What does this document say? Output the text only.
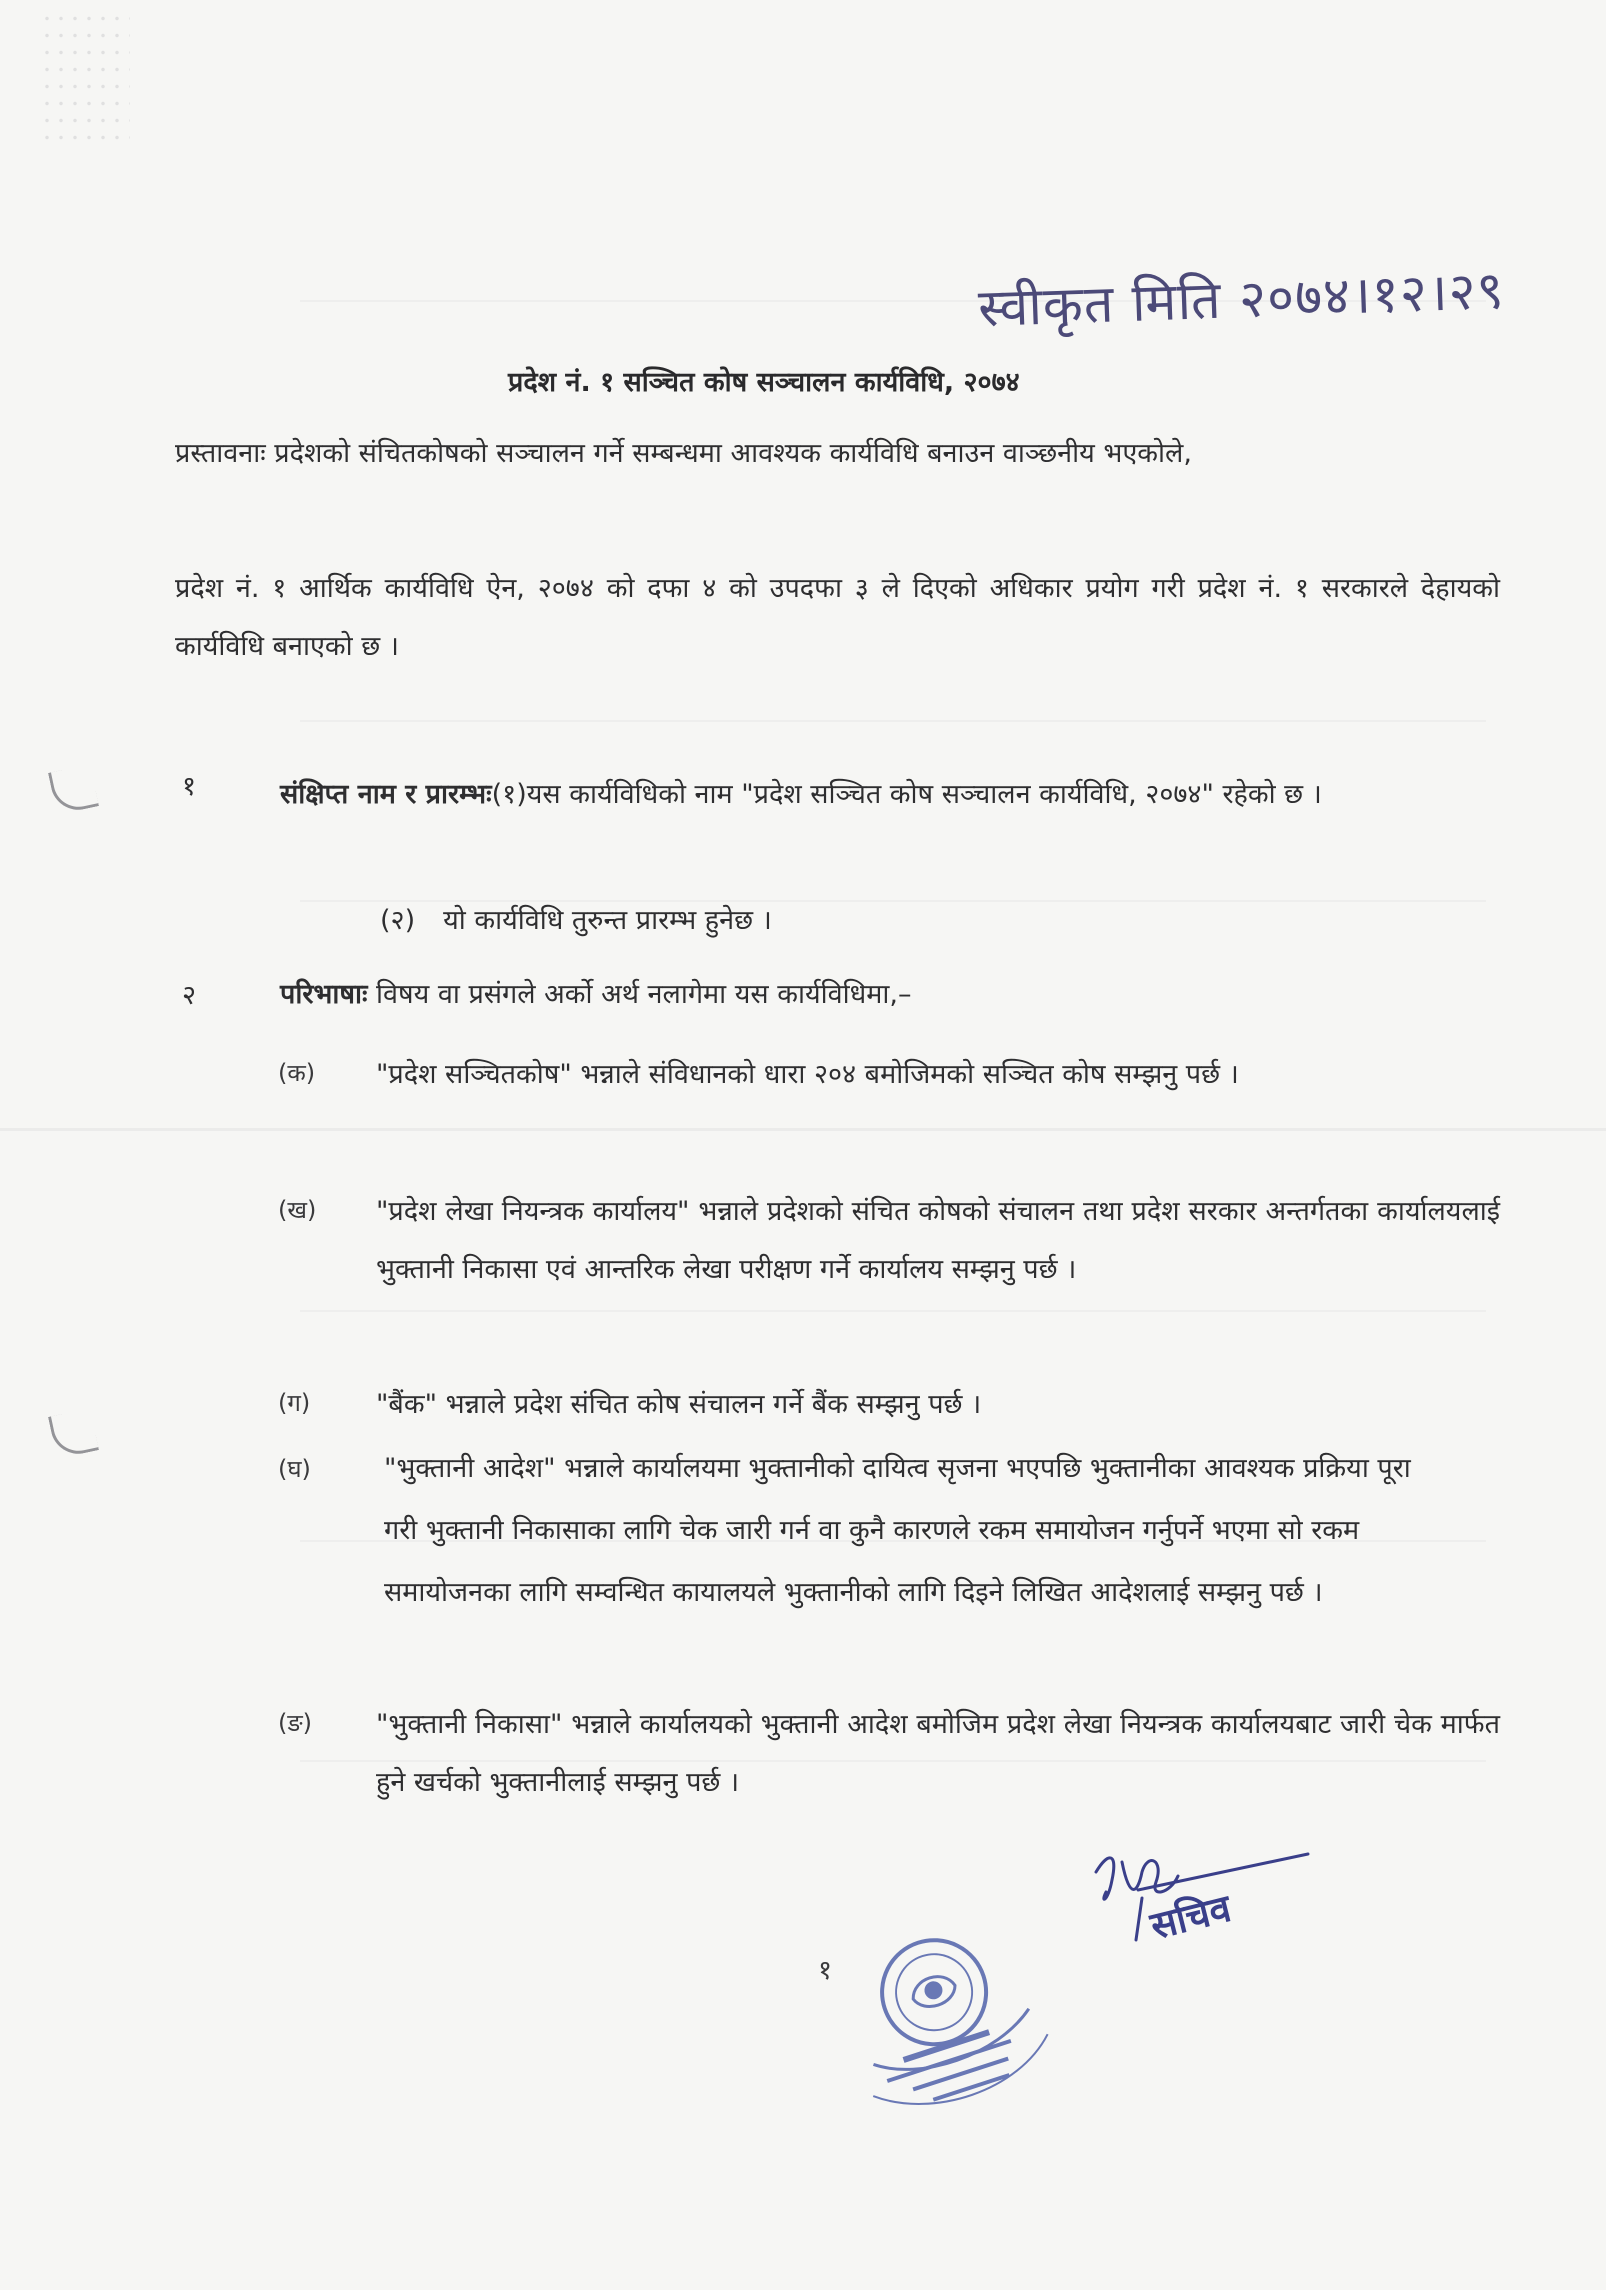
स्वीकृत मिति २०७४।१२।२९
प्रदेश नं. १ सञ्चित कोष सञ्चालन कार्यविधि, २०७४
प्रस्तावनाः प्रदेशको संचितकोषको सञ्चालन गर्ने सम्बन्धमा आवश्यक कार्यविधि बनाउन वाञ्छनीय भएकोले,
प्रदेश नं. १ आर्थिक कार्यविधि ऐन, २०७४ को दफा ४ को उपदफा ३ ले दिएको अधिकार प्रयोग गरी प्रदेश नं. १ सरकारले देहायको कार्यविधि बनाएको छ ।
१	संक्षिप्त नाम र प्रारम्भः(१)यस कार्यविधिको नाम "प्रदेश सञ्चित कोष सञ्चालन कार्यविधि, २०७४" रहेको छ ।
(२) यो कार्यविधि तुरुन्त प्रारम्भ हुनेछ ।
२	परिभाषाः विषय वा प्रसंगले अर्को अर्थ नलागेमा यस कार्यविधिमा,–
(क) "प्रदेश सञ्चितकोष" भन्नाले संविधानको धारा २०४ बमोजिमको सञ्चित कोष सम्झनु पर्छ ।
(ख) "प्रदेश लेखा नियन्त्रक कार्यालय" भन्नाले प्रदेशको संचित कोषको संचालन तथा प्रदेश सरकार अन्तर्गतका कार्यालयलाई भुक्तानी निकासा एवं आन्तरिक लेखा परीक्षण गर्ने कार्यालय सम्झनु पर्छ ।
(ग) "बैंक" भन्नाले प्रदेश संचित कोष संचालन गर्ने बैंक सम्झनु पर्छ ।
(घ)	"भुक्तानी आदेश" भन्नाले कार्यालयमा भुक्तानीको दायित्व सृजना भएपछि भुक्तानीका आवश्यक प्रक्रिया पूरा गरी भुक्तानी निकासाका लागि चेक जारी गर्न वा कुनै कारणले रकम समायोजन गर्नुपर्ने भएमा सो रकम समायोजनका लागि सम्वन्धित कायालयले भुक्तानीको लागि दिइने लिखित आदेशलाई सम्झनु पर्छ ।
(ङ) "भुक्तानी निकासा" भन्नाले कार्यालयको भुक्तानी आदेश बमोजिम प्रदेश लेखा नियन्त्रक कार्यालयबाट जारी चेक मार्फत हुने खर्चको भुक्तानीलाई सम्झनु पर्छ ।
सचिव
१
